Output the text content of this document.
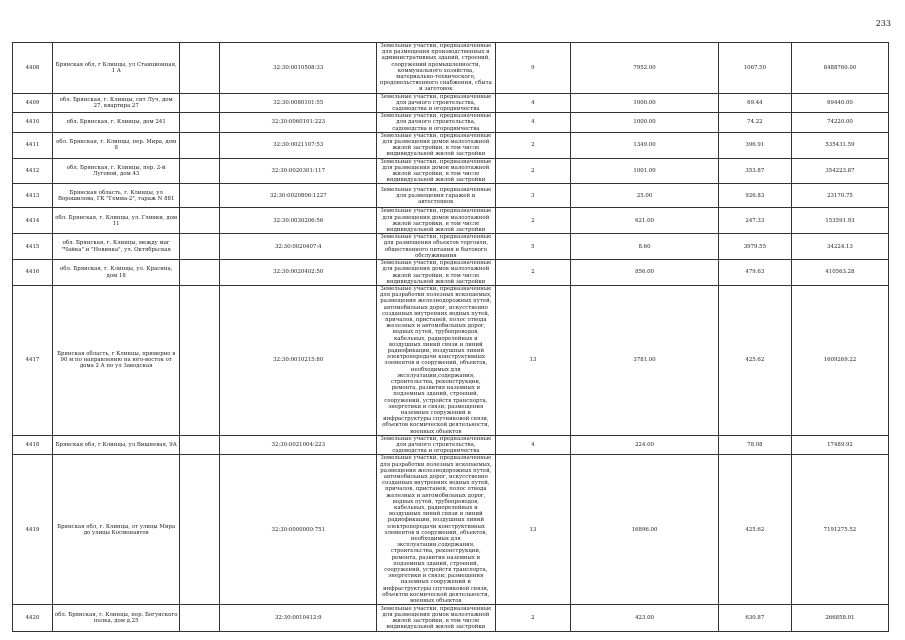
233
4408	Брянская обл, г Клинцы, ул Станционная, 1 А		32:30:0010508:33	Земельные участки, предназначенные для размещения производственных и административных зданий, строений, сооружений промышленности, коммунального хозяйства, материально-технического, продовольственного снабжения, сбыта и заготовок	9	7952.00	1067.50	8488760.00
4409	обл. Брянская, г. Клинцы, снт Луч, дом 27, квартира 27		32:30:0080101:55	Земельные участки, предназначенные для дачного строительства, садоводства и огородничества	4	1000.00	69.44	69440.00
4410	обл. Брянская, г. Клинцы, дом 241		32:30:0060101:223	Земельные участки, предназначенные для дачного строительства, садоводства и огородничества	4	1000.00	74.22	74220.00
4411	обл. Брянская, г. Клинцы, пер. Мира, дом 8		32:30:0021107:53	Земельные участки, предназначенные для размещения домов малоэтажной жилой застройки, в том числе индивидуальной жилой застройки	2	1349.00	396.91	535431.59
4412	обл. Брянская, г. Клинцы, пер. 2-й Луговой, дом 43		32:30:0020301:117	Земельные участки, предназначенные для размещения домов малоэтажной жилой застройки, в том числе индивидуальной жилой застройки	2	1001.00	353.87	354223.87
4413	Брянская область, г. Клинцы, ул Ворошилова, ГК "Гемма-2", гараж N 881		32:30:0020806:1227	Земельные участки, предназначенные для размещения гаражей и автостоянок	3	25.00	926.83	23170.75
4414	обл. Брянская, г. Клинцы, ул. Глинки, дом 11		32:30:0030206:56	Земельные участки, предназначенные для размещения домов малоэтажной жилой застройки, в том числе индивидуальной жилой застройки	2	621.00	247.33	153591.93
4415	обл. Брянская, г. Клинцы, между маг "Чайка" и "Новинка", ул. Октябрьская		32:30:0020407:4	Земельные участки, предназначенные для размещения объектов торговли, общественного питания и бытового обслуживания	5	8.60	3979.55	34224.13
4416	обл. Брянская, г. Клинцы, ул. Красина, дом 18		32:30:0020402:50	Земельные участки, предназначенные для размещения домов малоэтажной жилой застройки, в том числе индивидуальной жилой застройки	2	856.00	479.63	410563.28
4417	Брянская область, г Клинцы, примерно в 90 м по направлению на юго-восток от дома 2 А по ул Заводская		32:30:0010215:80	Земельные участки, предназначенные для разработки полезных ископаемых, размещения железнодорожных путей, автомобильных дорог, искусственно созданных внутренних водных путей, причалов, пристаней, полос отвода железных и автомобильных дорог, водных путей, трубопроводов, кабельных, радиорелейных и воздушных линий связи и линий радиофикации, воздушных линий электропередачи конструктивных элементов и сооружений, объектов, необходимых для эксплуатации,содержания, строительства, реконструкции, ремонта, развития наземных и подземных зданий, строений, сооружений, устройств транспорта, энергетики и связи; размещения наземных сооружений и инфраструктуры спутниковой связи, объектов космической деятельности, военных объектов	13	3781.00	425.62	1609269.22
4418	Брянская обл, г Клинцы, ул Вишневая, 9А		32:30:0021004:223	Земельные участки, предназначенные для дачного строительства, садоводства и огородничества	4	224.00	78.08	17489.92
4419	Брянская обл, г. Клинцы, от улицы Мира до улицы Космонавтов		32:30:0000000:751	Земельные участки, предназначенные для разработки полезных ископаемых, размещения железнодорожных путей, автомобильных дорог, искусственно созданных внутренних водных путей, причалов, пристаней, полос отвода железных и автомобильных дорог, водных путей, трубопроводов, кабельных, радиорелейных и воздушных линий связи и линий радиофикации, воздушных линий электропередачи конструктивных элементов и сооружений, объектов, необходимых для эксплуатации,содержания, строительства, реконструкции, ремонта, развития наземных и подземных зданий, строений, сооружений, устройств транспорта, энергетики и связи; размещения наземных сооружений и инфраструктуры спутниковой связи, объектов космической деятельности, военных объектов	13	16896.00	425.62	7191275.52
4420	обл. Брянская, г. Клинцы, пер. Богунского полка, дом д.25		32:30:0010412:9	Земельные участки, предназначенные для размещения домов малоэтажной жилой застройки, в том числе индивидуальной жилой застройки	2	423.00	630.87	266858.01
